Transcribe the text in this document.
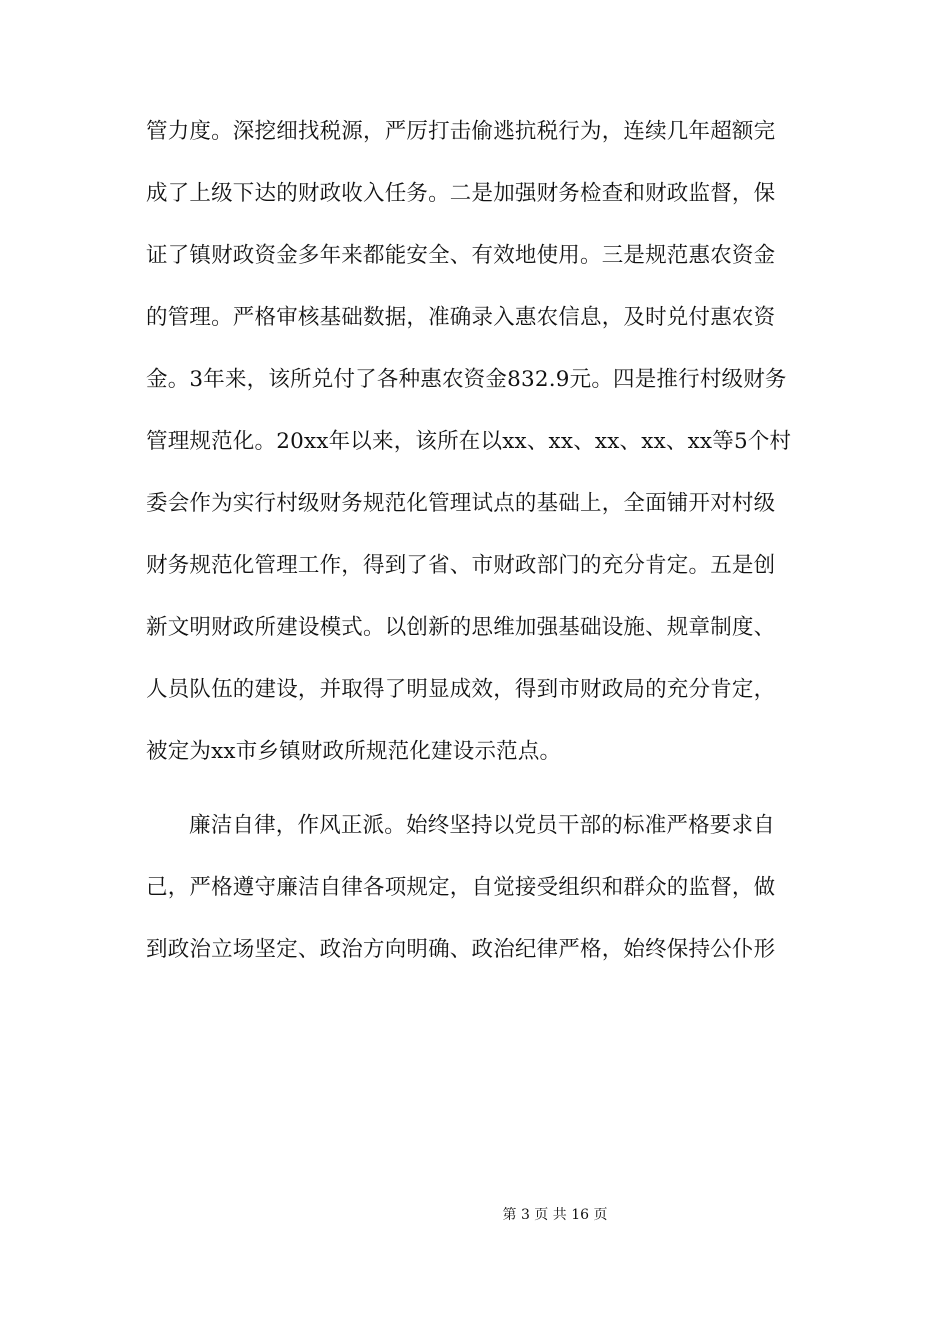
管力度。深挖细找税源，严厉打击偷逃抗税行为，连续几年超额完
成了上级下达的财政收入任务。二是加强财务检查和财政监督，保
证了镇财政资金多年来都能安全、有效地使用。三是规范惠农资金
的管理。严格审核基础数据，准确录入惠农信息，及时兑付惠农资
金。3年来，该所兑付了各种惠农资金832.9元。四是推行村级财务
管理规范化。20xx年以来，该所在以xx、xx、xx、xx、xx等5个村
委会作为实行村级财务规范化管理试点的基础上，全面铺开对村级
财务规范化管理工作，得到了省、市财政部门的充分肯定。五是创
新文明财政所建设模式。以创新的思维加强基础设施、规章制度、
人员队伍的建设，并取得了明显成效，得到市财政局的充分肯定，
被定为xx市乡镇财政所规范化建设示范点。
廉洁自律，作风正派。始终坚持以党员干部的标准严格要求自
己，严格遵守廉洁自律各项规定，自觉接受组织和群众的监督，做
到政治立场坚定、政治方向明确、政治纪律严格，始终保持公仆形
第 3 页 共 16 页
